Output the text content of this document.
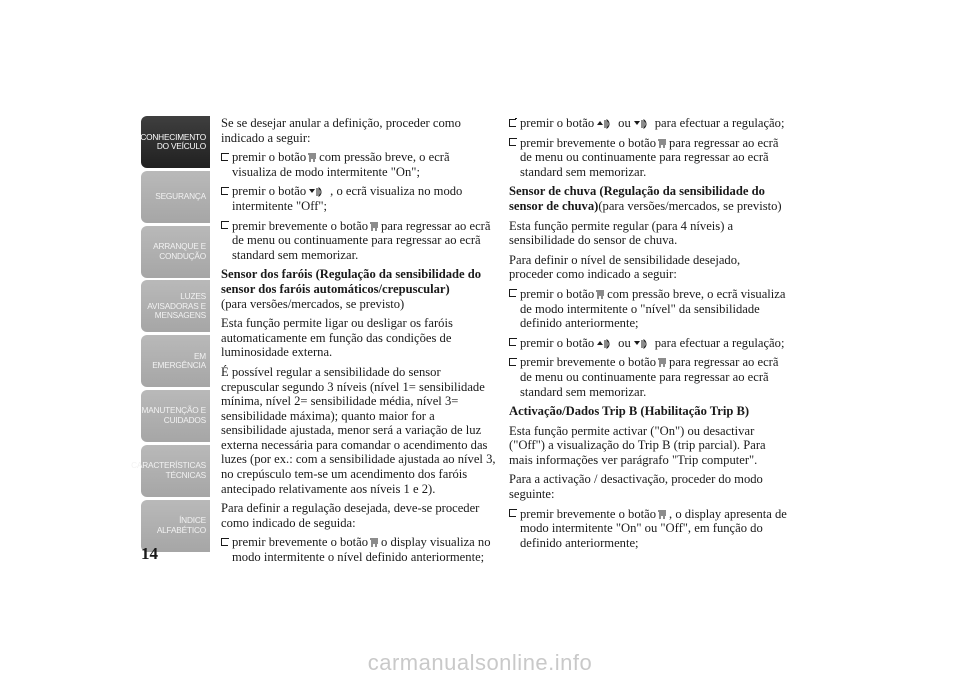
CONHECIMENTO
DO VEÍCULO
SEGURANÇA
ARRANQUE E
CONDUÇÃO
LUZES
AVISADORAS E
MENSAGENS
EM EMERGÊNCIA
MANUTENÇÃO E
CUIDADOS
CARACTERÍSTICAS
TÉCNICAS
ÍNDICE
ALFABÉTICO
14

Se se desejar anular a definição, proceder como indicado a seguir:

premir o botão com pressão breve, o ecrã visualiza de modo intermitente "On";
premir o botão , o ecrã visualiza no modo intermitente "Off";
premir brevemente o botão para regressar ao ecrã de menu ou continuamente para regressar ao ecrã standard sem memorizar.
Sensor dos faróis (Regulação da sensibilidade do sensor dos faróis automáticos/crepuscular)
(para versões/mercados, se previsto)

Esta função permite ligar ou desligar os faróis automaticamente em função das condições de luminosidade externa.

É possível regular a sensibilidade do sensor crepuscular segundo 3 níveis (nível 1= sensibilidade mínima, nível 2= sensibilidade média, nível 3= sensibilidade máxima); quanto maior for a sensibilidade ajustada, menor será a variação de luz externa necessária para comandar o acendimento das luzes (por ex.: com a sensibilidade ajustada ao nível 3, no crepúsculo tem-se um acendimento dos faróis antecipado relativamente aos níveis 1 e 2).

Para definir a regulação desejada, deve-se proceder como indicado de seguida:

premir brevemente o botão o display visualiza no modo intermitente o nível definido anteriormente;
premir o botão ou para efectuar a regulação;
premir brevemente o botão para regressar ao ecrã de menu ou continuamente para regressar ao ecrã standard sem memorizar.
Sensor de chuva (Regulação da sensibilidade do sensor de chuva)(para versões/mercados, se previsto)

Esta função permite regular (para 4 níveis) a sensibilidade do sensor de chuva.

Para definir o nível de sensibilidade desejado, proceder como indicado a seguir:

premir o botão com pressão breve, o ecrã visualiza de modo intermitente o "nível" da sensibilidade definido anteriormente;
premir o botão ou para efectuar a regulação;
premir brevemente o botão para regressar ao ecrã de menu ou continuamente para regressar ao ecrã standard sem memorizar.
Activação/Dados Trip B (Habilitação Trip B)

Esta função permite activar ("On") ou desactivar ("Off") a visualização do Trip B (trip parcial). Para mais informações ver parágrafo "Trip computer".

Para a activação / desactivação, proceder do modo seguinte:

premir brevemente o botão , o display apresenta de modo intermitente "On" ou "Off", em função do definido anteriormente;
carmanualsonline.info
